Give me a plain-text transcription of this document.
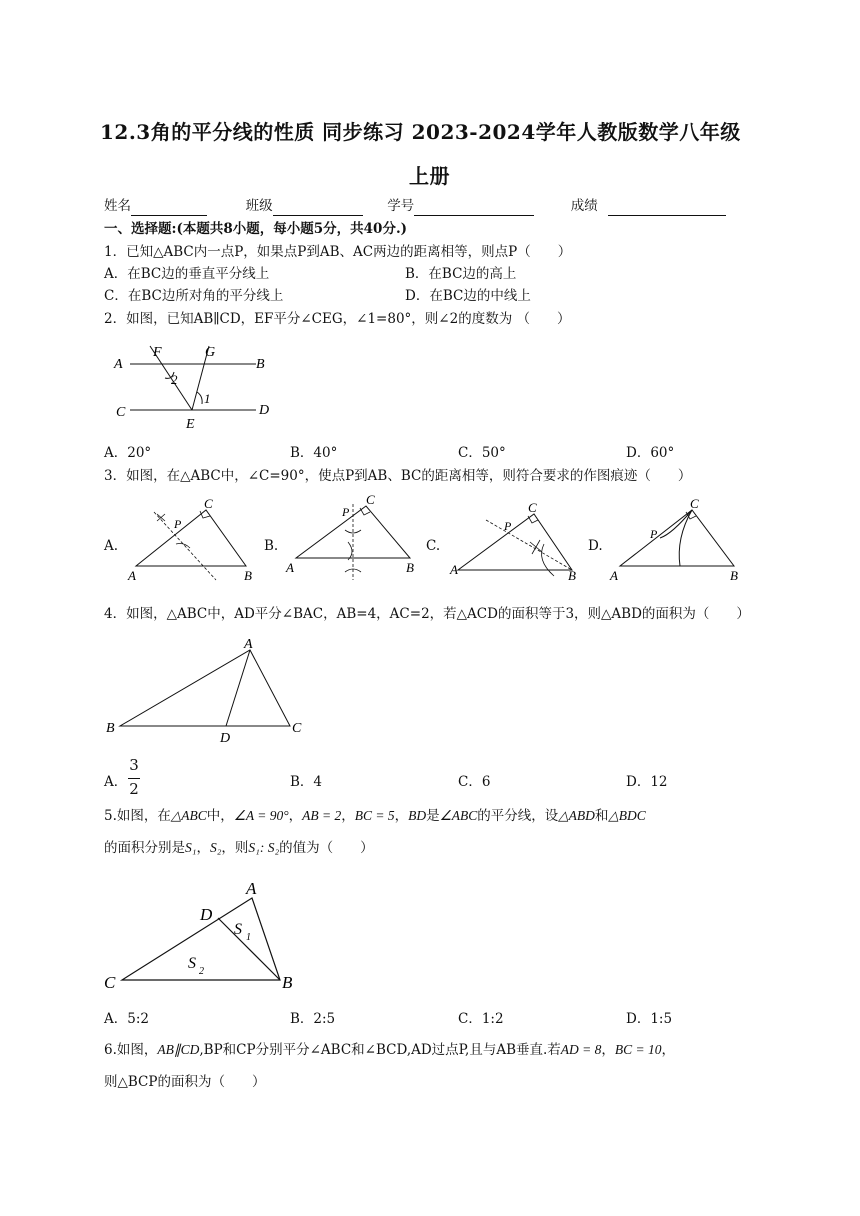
12.3角的平分线的性质 同步练习 2023-2024学年人教版数学八年级
上册
姓名	班级	学号	成绩
一、选择题:(本题共8小题，每小题5分，共40分.)
1．已知△ABC内一点P，如果点P到AB、AC两边的距离相等，则点P（　　）
A．在BC边的垂直平分线上	B．在BC边的高上
C．在BC边所对角的平分线上	D．在BC边的中线上
2．如图，已知AB∥CD，EF平分∠CEG，∠1=80°，则∠2的度数为 （　　）
A	B
C	D
E
F	G
2
1
A．20°	B．40°	C．50°	D．60°
3．如图，在△ABC中，∠C=90°，使点P到AB、BC的距离相等，则符合要求的作图痕迹（　　）
A.
A	B
C
P
B.
A	B
C
P
C.
A	B
C
P
D.
A	B
C
P
4．如图，△ABC中，AD平分∠BAC，AB=4，AC=2，若△ACD的面积等于3，则△ABD的面积为（　　）
A
B	C
D
A．
3
2	B．4	C．6	D．12
5.如图，在△ABC中，∠A = 90°，AB = 2，BC = 5，BD是∠ABC的平分线，设△ABD和△BDC
的面积分别是S₁，S₂，则S₁: S₂的值为（　　）
A
B
C
D
S 1
S 2
A．5:2	B．2:5	C．1:2	D．1:5
6.如图，AB∥CD,BP和CP分别平分∠ABC和∠BCD,AD过点P,且与AB垂直.若AD = 8，BC = 10，
则△BCP的面积为（　　）
